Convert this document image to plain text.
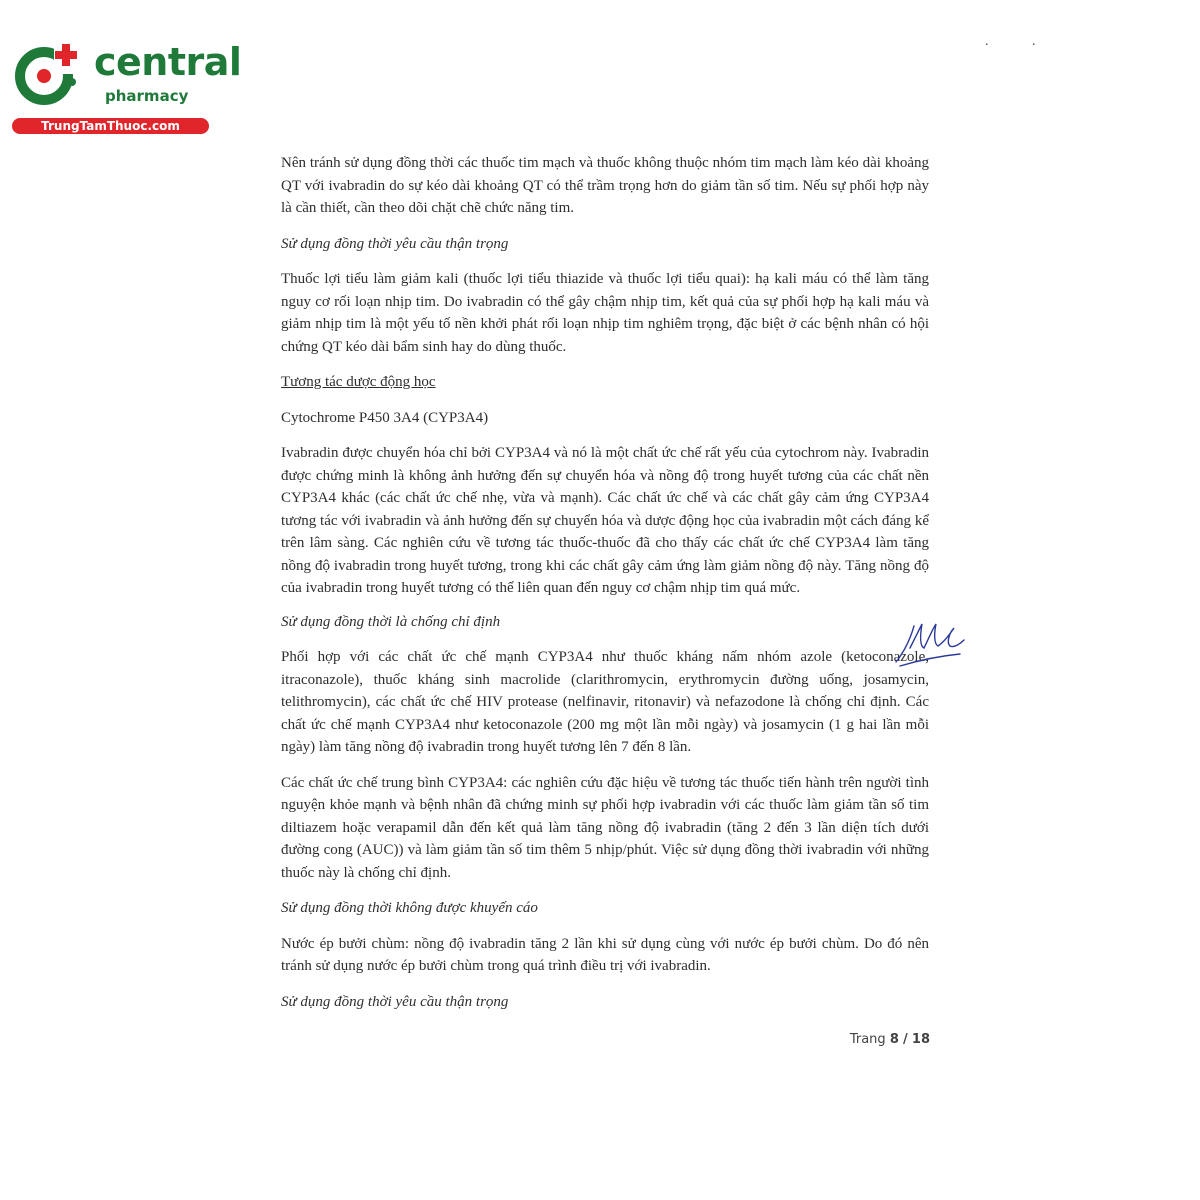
central
pharmacy
TrungTamThuoc.com
. .

Nên tránh sử dụng đồng thời các thuốc tim mạch và thuốc không thuộc nhóm tim mạch làm kéo dài khoảng QT với ivabradin do sự kéo dài khoảng QT có thể trầm trọng hơn do giảm tần số tim. Nếu sự phối hợp này là cần thiết, cần theo dõi chặt chẽ chức năng tim.

Sử dụng đồng thời yêu cầu thận trọng

Thuốc lợi tiểu làm giảm kali (thuốc lợi tiểu thiazide và thuốc lợi tiểu quai): hạ kali máu có thể làm tăng nguy cơ rối loạn nhịp tim. Do ivabradin có thể gây chậm nhịp tim, kết quả của sự phối hợp hạ kali máu và giảm nhịp tim là một yếu tố nền khởi phát rối loạn nhịp tim nghiêm trọng, đặc biệt ở các bệnh nhân có hội chứng QT kéo dài bẩm sinh hay do dùng thuốc.

Tương tác dược động học

Cytochrome P450 3A4 (CYP3A4)

Ivabradin được chuyển hóa chỉ bởi CYP3A4 và nó là một chất ức chế rất yếu của cytochrom này. Ivabradin được chứng minh là không ảnh hưởng đến sự chuyển hóa và nồng độ trong huyết tương của các chất nền CYP3A4 khác (các chất ức chế nhẹ, vừa và mạnh). Các chất ức chế và các chất gây cảm ứng CYP3A4 tương tác với ivabradin và ảnh hưởng đến sự chuyển hóa và dược động học của ivabradin một cách đáng kể trên lâm sàng. Các nghiên cứu về tương tác thuốc-thuốc đã cho thấy các chất ức chế CYP3A4 làm tăng nồng độ ivabradin trong huyết tương, trong khi các chất gây cảm ứng làm giảm nồng độ này. Tăng nồng độ của ivabradin trong huyết tương có thể liên quan đến nguy cơ chậm nhịp tim quá mức.

Sử dụng đồng thời là chống chỉ định

Phối hợp với các chất ức chế mạnh CYP3A4 như thuốc kháng nấm nhóm azole (ketoconazole, itraconazole), thuốc kháng sinh macrolide (clarithromycin, erythromycin đường uống, josamycin, telithromycin), các chất ức chế HIV protease (nelfinavir, ritonavir) và nefazodone là chống chỉ định. Các chất ức chế mạnh CYP3A4 như ketoconazole (200 mg một lần mỗi ngày) và josamycin (1 g hai lần mỗi ngày) làm tăng nồng độ ivabradin trong huyết tương lên 7 đến 8 lần.

Các chất ức chế trung bình CYP3A4: các nghiên cứu đặc hiệu về tương tác thuốc tiến hành trên người tình nguyện khỏe mạnh và bệnh nhân đã chứng minh sự phối hợp ivabradin với các thuốc làm giảm tần số tim diltiazem hoặc verapamil dẫn đến kết quả làm tăng nồng độ ivabradin (tăng 2 đến 3 lần diện tích dưới đường cong (AUC)) và làm giảm tần số tim thêm 5 nhịp/phút. Việc sử dụng đồng thời ivabradin với những thuốc này là chống chỉ định.

Sử dụng đồng thời không được khuyến cáo

Nước ép bưởi chùm: nồng độ ivabradin tăng 2 lần khi sử dụng cùng với nước ép bưởi chùm. Do đó nên tránh sử dụng nước ép bưởi chùm trong quá trình điều trị với ivabradin.

Sử dụng đồng thời yêu cầu thận trọng

Trang 8 / 18
